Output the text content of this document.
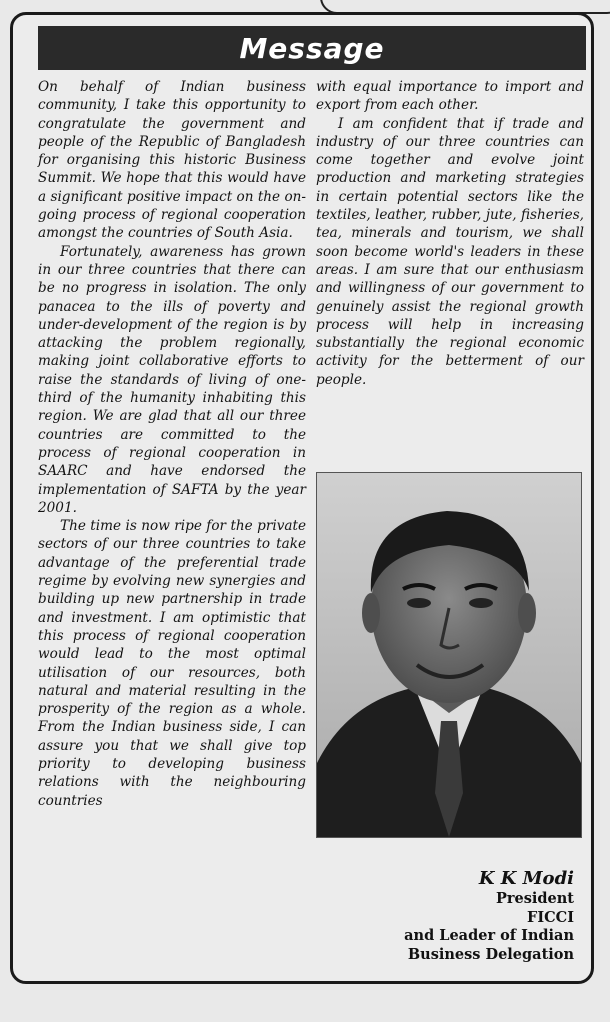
Message

On behalf of Indian business community, I take this opportunity to congratulate the government and people of the Republic of Bangladesh for organising this historic Business Summit. We hope that this would have a significant positive impact on the on-going process of regional cooperation amongst the countries of South Asia.

Fortunately, awareness has grown in our three countries that there can be no progress in isolation. The only panacea to the ills of poverty and under-development of the region is by attacking the problem regionally, making joint collaborative efforts to raise the standards of living of one-third of the humanity inhabiting this region. We are glad that all our three countries are committed to the process of regional cooperation in SAARC and have endorsed the implementation of SAFTA by the year 2001.

The time is now ripe for the private sectors of our three countries to take advantage of the preferential trade regime by evolving new synergies and building up new partnership in trade and investment. I am optimistic that this process of regional cooperation would lead to the most optimal utilisation of our resources, both natural and material resulting in the prosperity of the region as a whole. From the Indian business side, I can assure you that we shall give top priority to developing business relations with the neighbouring countries

with equal importance to import and export from each other.

I am confident that if trade and industry of our three countries can come together and evolve joint production and marketing strategies in certain potential sectors like the textiles, leather, rubber, jute, fisheries, tea, minerals and tourism, we shall soon become world's leaders in these areas. I am sure that our enthusiasm and willingness of our government to genuinely assist the regional growth process will help in increasing substantially the regional economic activity for the betterment of our people.

K K Modi
President
FICCI
and Leader of Indian
Business Delegation
